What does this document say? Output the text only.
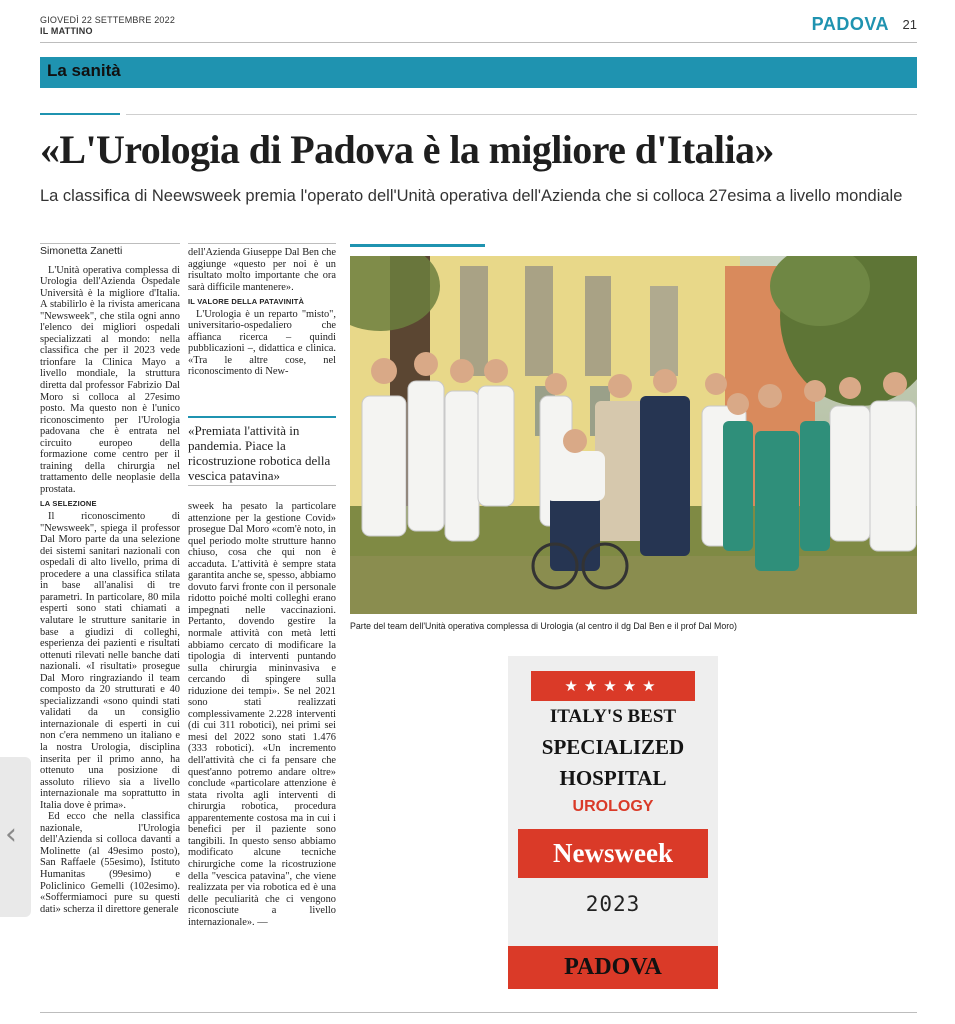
GIOVEDÌ 22 SETTEMBRE 2022
IL MATTINO	PADOVA 21
La sanità
«L'Urologia di Padova è la migliore d'Italia»
La classifica di Neewsweek premia l'operato dell'Unità operativa dell'Azienda che si colloca 27esima a livello mondiale
Simonetta Zanetti

L'Unità operativa complessa di Urologia dell'Azienda Ospedale Università è la migliore d'Italia. A stabilirlo è la rivista americana "Newsweek", che stila ogni anno l'elenco dei migliori ospedali specializzati al mondo: nella classifica che per il 2023 vede trionfare la Clinica Mayo a livello mondiale, la struttura diretta dal professor Fabrizio Dal Moro si colloca al 27esimo posto. Ma questo non è l'unico riconoscimento per l'Urologia padovana che è entrata nel circuito europeo della formazione come centro per il training della chirurgia nel trattamento delle neoplasie della prostata.

LA SELEZIONE

Il riconoscimento di "Newsweek", spiega il professor Dal Moro parte da una selezione dei sistemi sanitari nazionali con ospedali di alto livello, prima di procedere a una classifica stilata in base all'analisi di tre parametri. In particolare, 80 mila esperti sono stati chiamati a valutare le strutture sanitarie in base a giudizi di colleghi, esperienza dei pazienti e risultati ottenuti rilevati nelle banche dati nazionali. «I risultati» prosegue Dal Moro ringraziando il team composto da 20 strutturati e 40 specializzandi «sono quindi stati validati da un consiglio internazionale di esperti in cui non c'era nemmeno un italiano e la nostra Urologia, disciplina inserita per il primo anno, ha ottenuto una posizione di assoluto rilievo sia a livello internazionale ma soprattutto in Italia dove è prima».

Ed ecco che nella classifica nazionale, l'Urologia dell'Azienda si colloca davanti a Molinette (al 49esimo posto), San Raffaele (55esimo), Istituto Humanitas (99esimo) e Policlinico Gemelli (102esimo). «Soffermiamoci pure su questi dati» scherza il direttore generale

dell'Azienda Giuseppe Dal Ben che aggiunge «questo per noi è un risultato molto importante che ora sarà difficile mantenere».

IL VALORE DELLA PATAVINITÀ

L'Urologia è un reparto "misto", universitario-ospedaliero che affianca ricerca – quindi pubblicazioni –, didattica e clinica. «Tra le altre cose, nel riconoscimento di New-

«Premiata l'attività in pandemia. Piace la ricostruzione robotica della vescica patavina»

sweek ha pesato la particolare attenzione per la gestione Covid» prosegue Dal Moro «com'è noto, in quel periodo molte strutture hanno chiuso, cosa che qui non è accaduta. L'attività è sempre stata garantita anche se, spesso, abbiamo dovuto farvi fronte con il personale ridotto poiché molti colleghi erano impegnati nelle vaccinazioni. Pertanto, dovendo gestire la normale attività con metà letti abbiamo cercato di modificare la tipologia di interventi puntando sulla chirurgia mininvasiva e cercando di spingere sulla riduzione dei tempi». Se nel 2021 sono stati realizzati complessivamente 2.228 interventi (di cui 311 robotici), nei primi sei mesi del 2022 sono stati 1.476 (333 robotici). «Un incremento dell'attività che ci fa pensare che quest'anno potremo andare oltre» conclude «particolare attenzione è stata rivolta agli interventi di chirurgia robotica, procedura apparentemente costosa ma in cui i benefici per il paziente sono tangibili. In questo senso abbiamo modificato alcune tecniche chirurgiche come la ricostruzione della "vescica patavina", che viene realizzata per via robotica ed è una delle peculiarità che ci vengono riconosciute a livello internazionale». —

Parte del team dell'Unità operativa complessa di Urologia (al centro il dg Dal Ben e il prof Dal Moro)
★★★★★
ITALY'S BEST
SPECIALIZED
HOSPITAL
UROLOGY
Newsweek
2023
PADOVA
‹
